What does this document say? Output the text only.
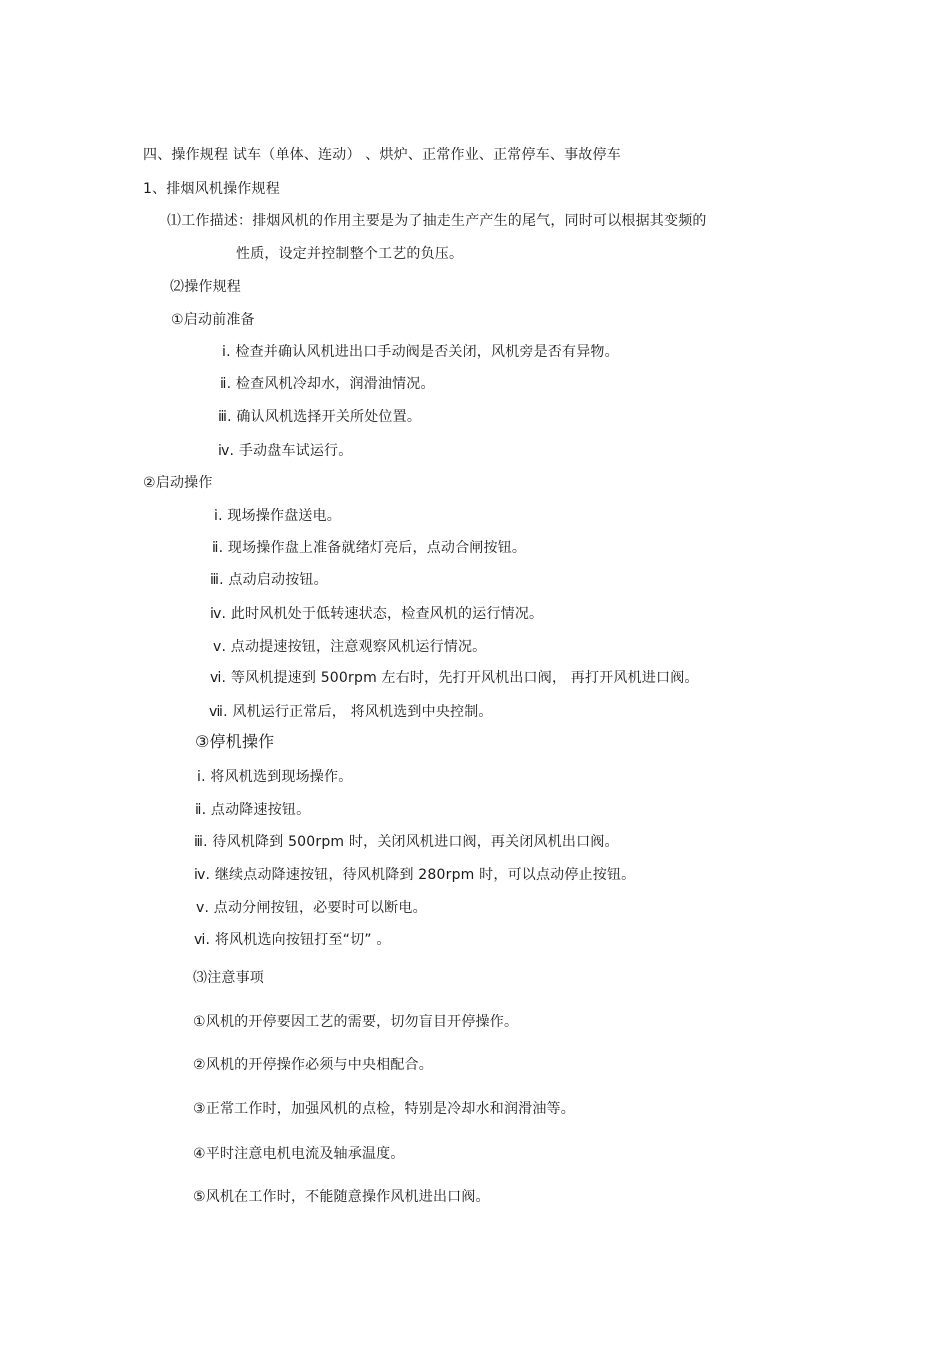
四、操作规程 试车（单体、连动） 、烘炉、正常作业、正常停车、事故停车
1、排烟风机操作规程
⑴工作描述：排烟风机的作用主要是为了抽走生产产生的尾气，同时可以根据其变频的
性质，设定并控制整个工艺的负压。
⑵操作规程
①启动前准备
ⅰ. 检查并确认风机进出口手动阀是否关闭，风机旁是否有异物。
ⅱ. 检查风机冷却水，润滑油情况。
ⅲ. 确认风机选择开关所处位置。
ⅳ. 手动盘车试运行。
②启动操作
ⅰ. 现场操作盘送电。
ⅱ. 现场操作盘上准备就绪灯亮后，点动合闸按钮。
ⅲ. 点动启动按钮。
ⅳ. 此时风机处于低转速状态，检查风机的运行情况。
ⅴ. 点动提速按钮，注意观察风机运行情况。
ⅵ. 等风机提速到 500rpm 左右时，先打开风机出口阀， 再打开风机进口阀。
ⅶ. 风机运行正常后， 将风机选到中央控制。
③停机操作
ⅰ. 将风机选到现场操作。
ⅱ. 点动降速按钮。
ⅲ. 待风机降到 500rpm 时，关闭风机进口阀，再关闭风机出口阀。
ⅳ. 继续点动降速按钮，待风机降到 280rpm 时，可以点动停止按钮。
ⅴ. 点动分闸按钮，必要时可以断电。
ⅵ. 将风机选向按钮打至“切” 。
⑶注意事项
①风机的开停要因工艺的需要，切勿盲目开停操作。
②风机的开停操作必须与中央相配合。
③正常工作时，加强风机的点检，特别是冷却水和润滑油等。
④平时注意电机电流及轴承温度。
⑤风机在工作时，不能随意操作风机进出口阀。
